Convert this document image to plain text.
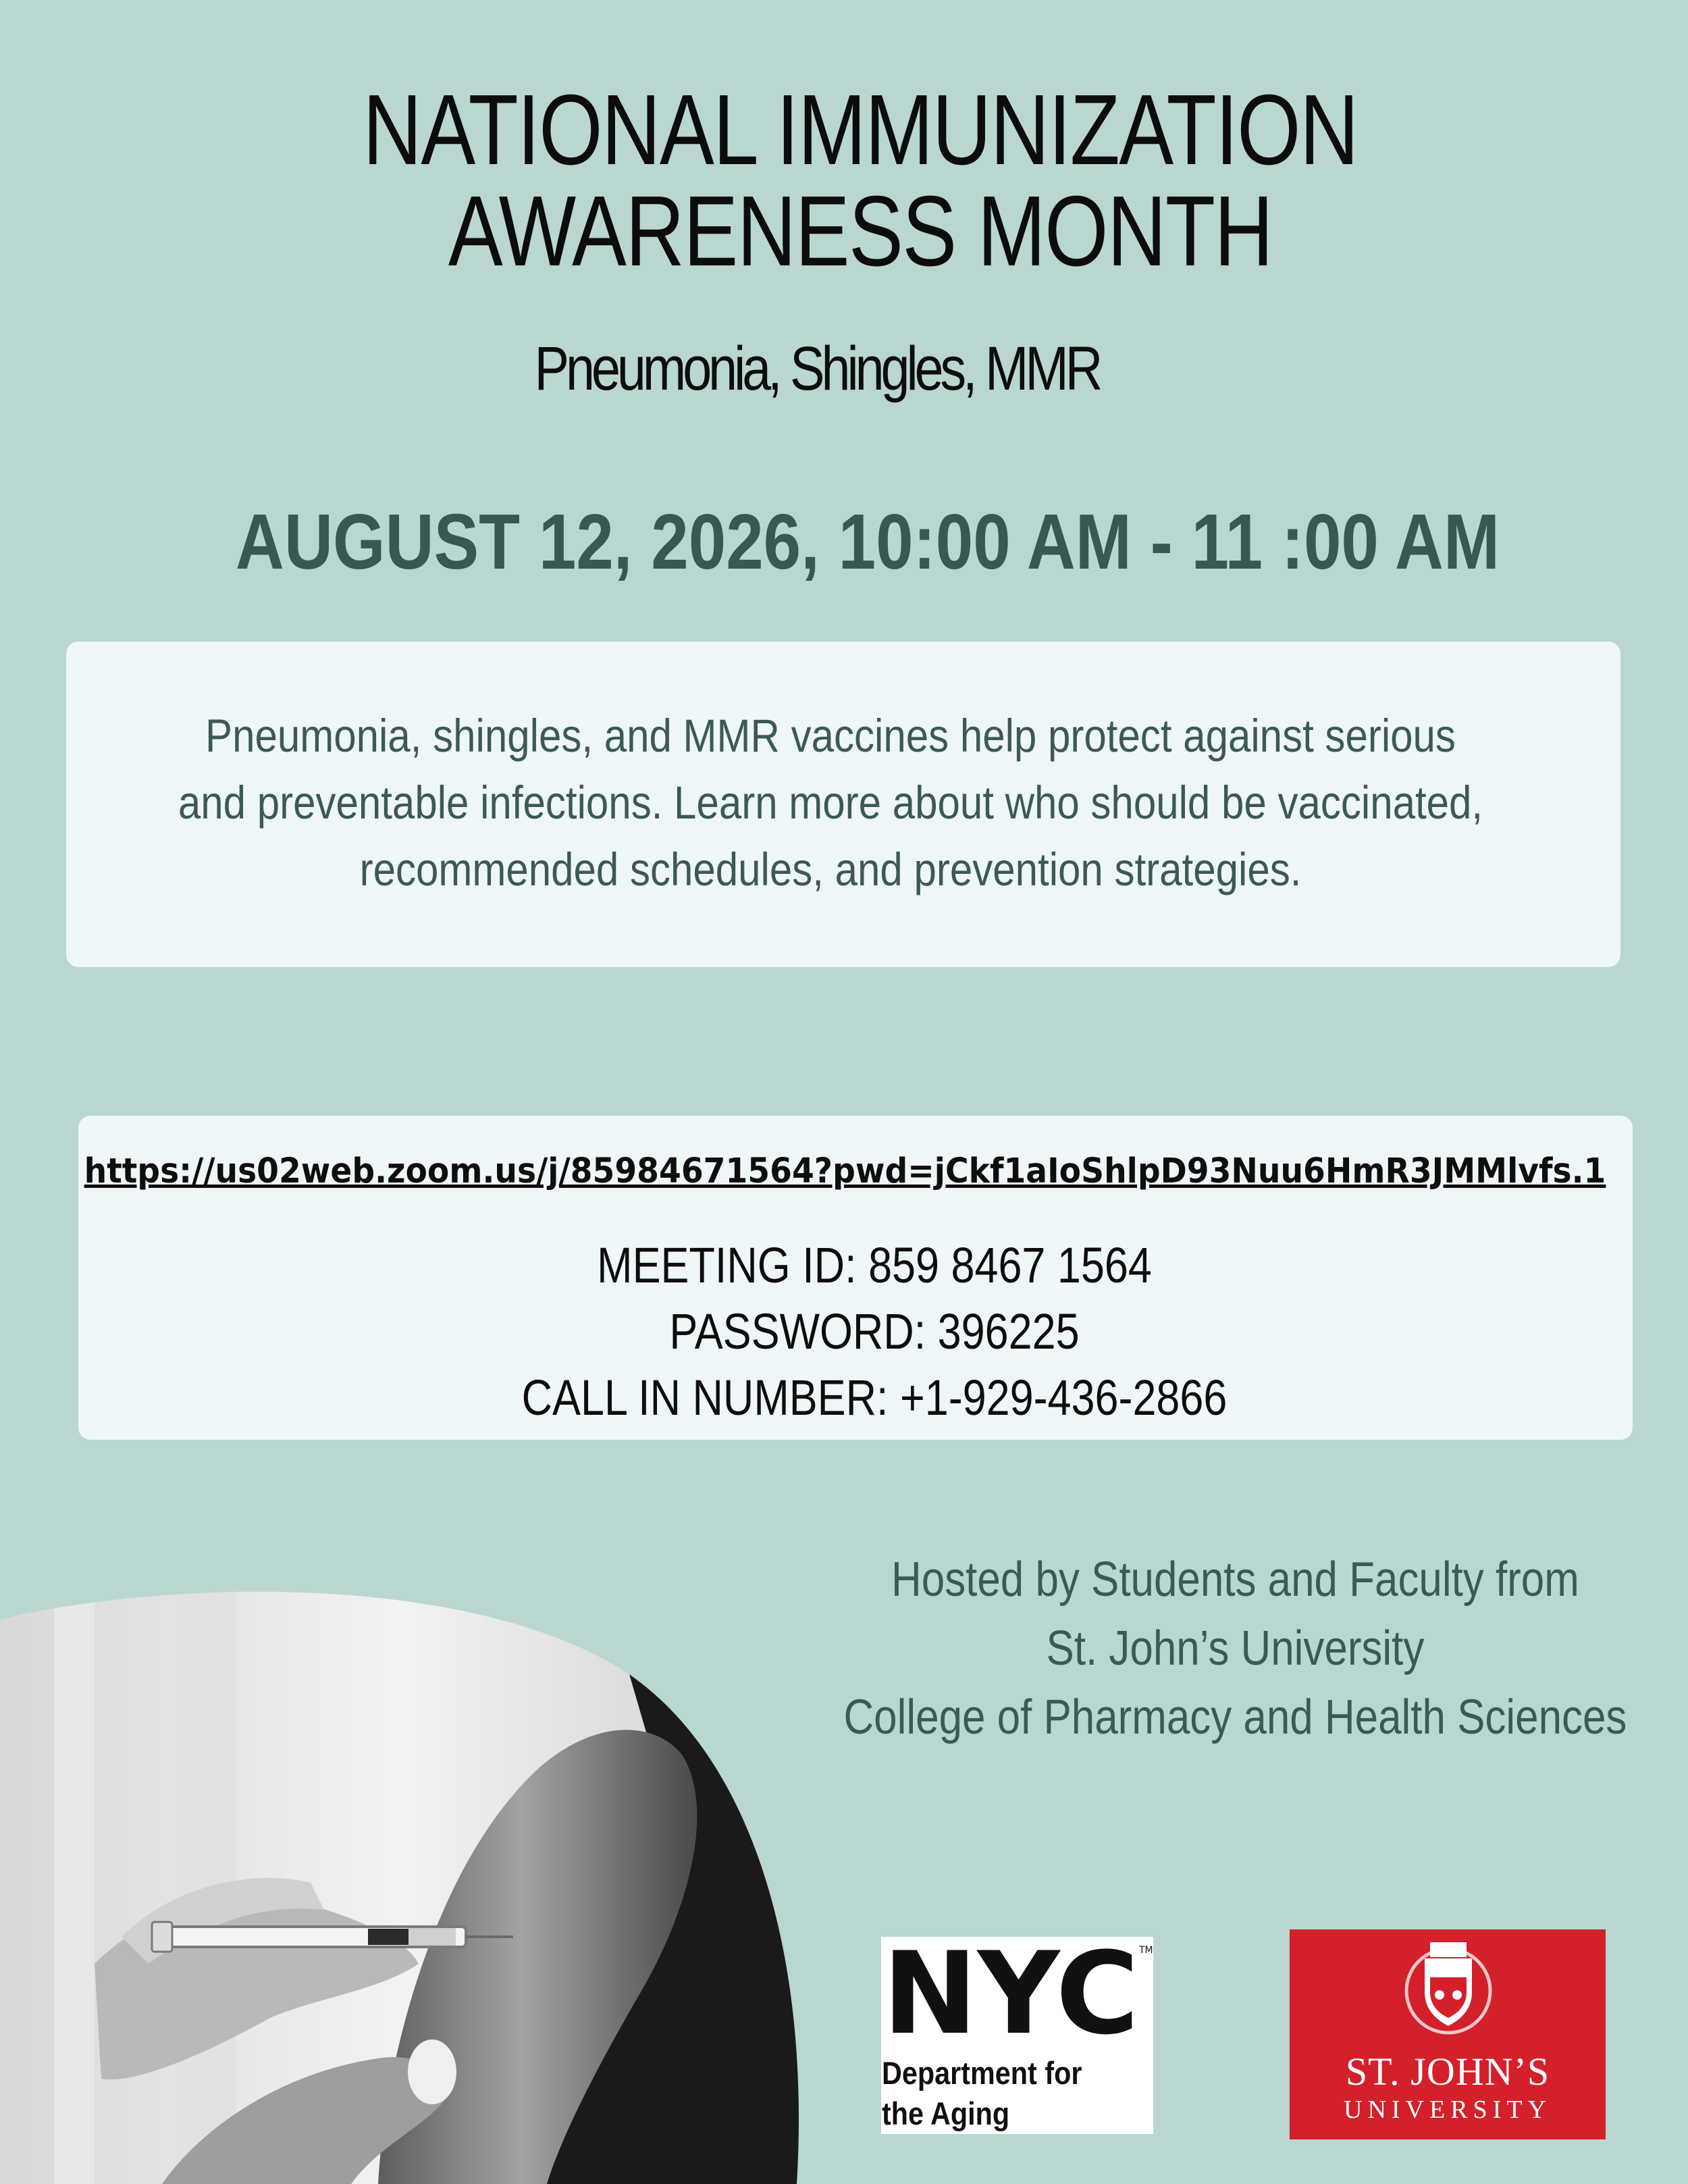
NATIONAL IMMUNIZATION
AWARENESS MONTH
Pneumonia, Shingles, MMR
AUGUST 12, 2026, 10:00 AM - 11 :00 AM
Pneumonia, shingles, and MMR vaccines help protect against serious
and preventable infections. Learn more about who should be vaccinated,
recommended schedules, and prevention strategies.
https://us02web.zoom.us/j/85984671564?pwd=jCkf1aIoShlpD93Nuu6HmR3JMMlvfs.1
MEETING ID: 859 8467 1564
PASSWORD: 396225
CALL IN NUMBER: +1-929-436-2866
Hosted by Students and Faculty from
St. John’s University
College of Pharmacy and Health Sciences
NYC TM
Department for
the Aging
ST. JOHN’S
UNIVERSITY
